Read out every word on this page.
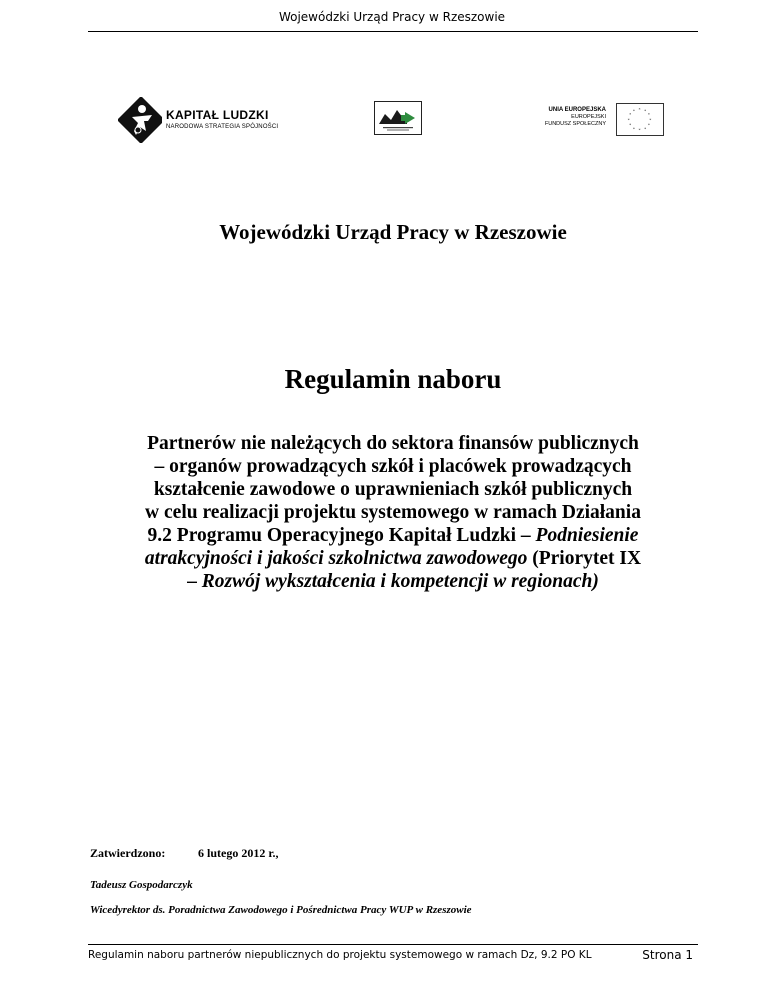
Wojewódzki Urząd Pracy w Rzeszowie
KAPITAŁ LUDZKI
NARODOWA STRATEGIA SPÓJNOŚCI
UNIA EUROPEJSKA
EUROPEJSKI
FUNDUSZ SPOŁECZNY
* *
*
*
*
*
*
*
*
*
*
*
Wojewódzki Urząd Pracy w Rzeszowie
Regulamin naboru
Partnerów nie należących do sektora finansów publicznych
– organów prowadzących szkół i placówek prowadzących
kształcenie zawodowe o uprawnieniach szkół publicznych
w celu realizacji projektu systemowego w ramach Działania
9.2 Programu Operacyjnego Kapitał Ludzki – Podniesienie
atrakcyjności i jakości szkolnictwa zawodowego (Priorytet IX
– Rozwój wykształcenia i kompetencji w regionach)
Zatwierdzono:	6 lutego 2012 r.,
Tadeusz Gospodarczyk
Wicedyrektor ds. Poradnictwa Zawodowego i Pośrednictwa Pracy WUP w Rzeszowie
Regulamin naboru partnerów niepublicznych do projektu systemowego w ramach Dz, 9.2 PO KL	Strona 1
